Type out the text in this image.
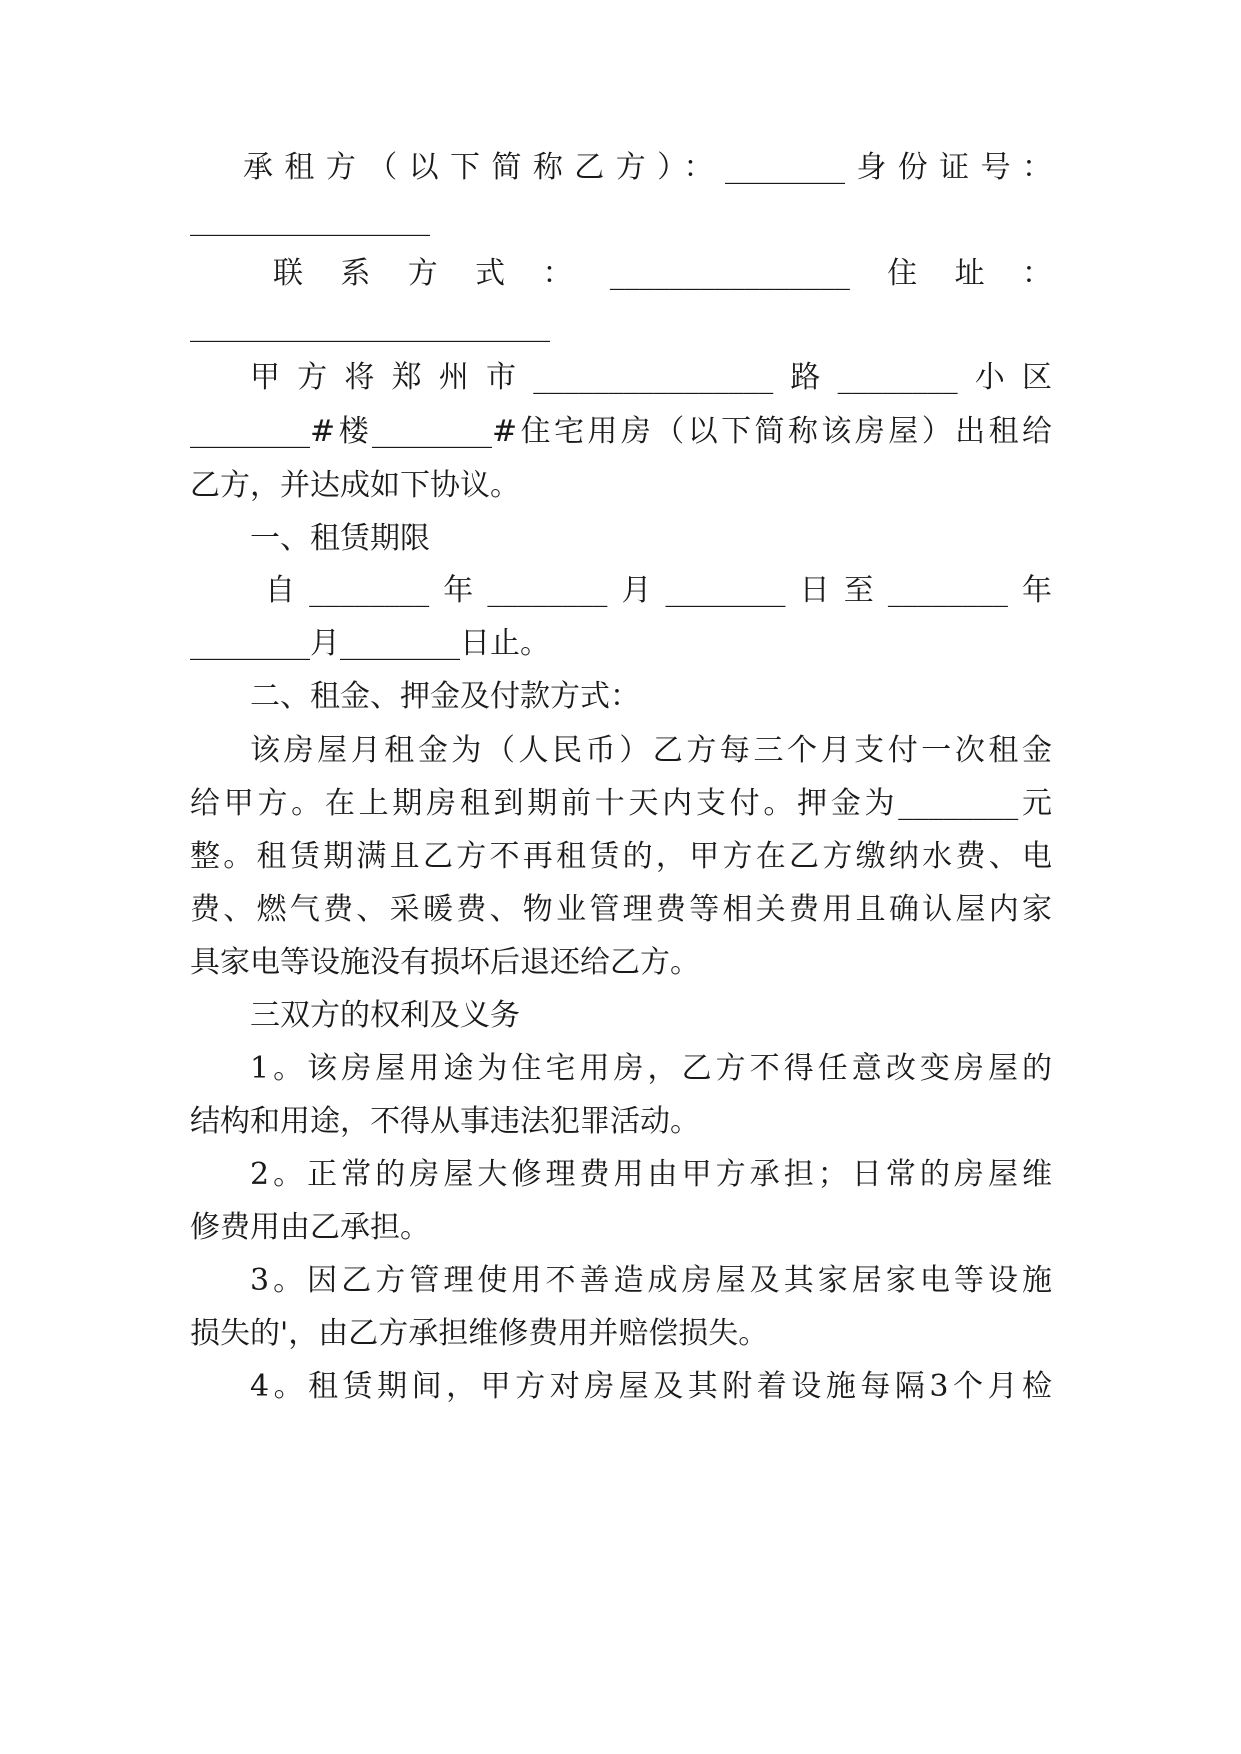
承租方（以下简称乙方）：________身份证号：
________________
联系方式：________________住址：
________________________
甲方将郑州市________________路________小区
________#楼________#住宅用房（以下简称该房屋）出租给
乙方，并达成如下协议。
一、租赁期限
自________年________月________日至________年
________月________日止。
二、租金、押金及付款方式：
该房屋月租金为（人民币）乙方每三个月支付一次租金
给甲方。在上期房租到期前十天内支付。押金为________元
整。租赁期满且乙方不再租赁的，甲方在乙方缴纳水费、电
费、燃气费、采暖费、物业管理费等相关费用且确认屋内家
具家电等设施没有损坏后退还给乙方。
三双方的权利及义务
1。该房屋用途为住宅用房，乙方不得任意改变房屋的
结构和用途，不得从事违法犯罪活动。
2。正常的房屋大修理费用由甲方承担；日常的房屋维
修费用由乙承担。
3。因乙方管理使用不善造成房屋及其家居家电等设施
损失的'，由乙方承担维修费用并赔偿损失。
4。租赁期间，甲方对房屋及其附着设施每隔3个月检
